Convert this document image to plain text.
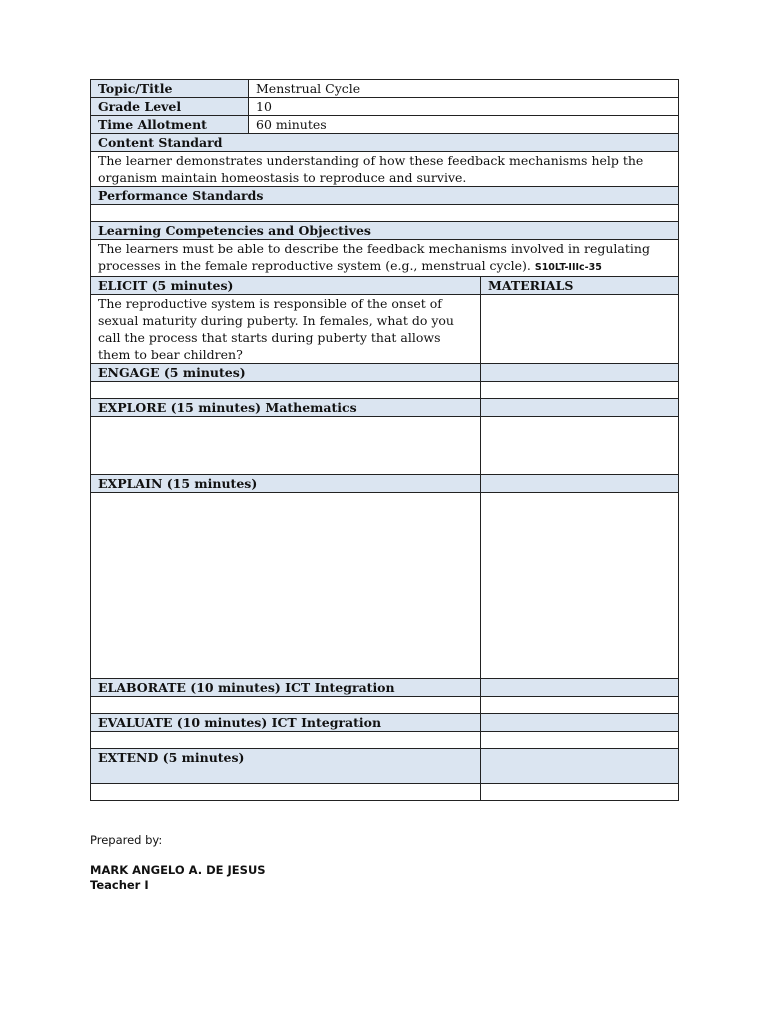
Topic/Title	Menstrual Cycle	
Grade Level	10	
Time Allotment	60 minutes	
Content Standard		
The learner demonstrates understanding of how these feedback mechanisms help the organism maintain homeostasis to reproduce and survive.		
Performance Standards		

Learning Competencies and Objectives		
The learners must be able to describe the feedback mechanisms involved in regulating processes in the female reproductive system (e.g., menstrual cycle). S10LT-IIIc-35		
ELICIT (5 minutes)		MATERIALS
The reproductive system is responsible of the onset of sexual maturity during puberty. In females, what do you call the process that starts during puberty that allows them to bear children?		
ENGAGE (5 minutes)		

EXPLORE (15 minutes) Mathematics		

EXPLAIN (15 minutes)		

ELABORATE (10 minutes) ICT Integration		

EVALUATE (10 minutes) ICT Integration		

EXTEND (5 minutes)		

Prepared by:
MARK ANGELO A. DE JESUS
Teacher I
